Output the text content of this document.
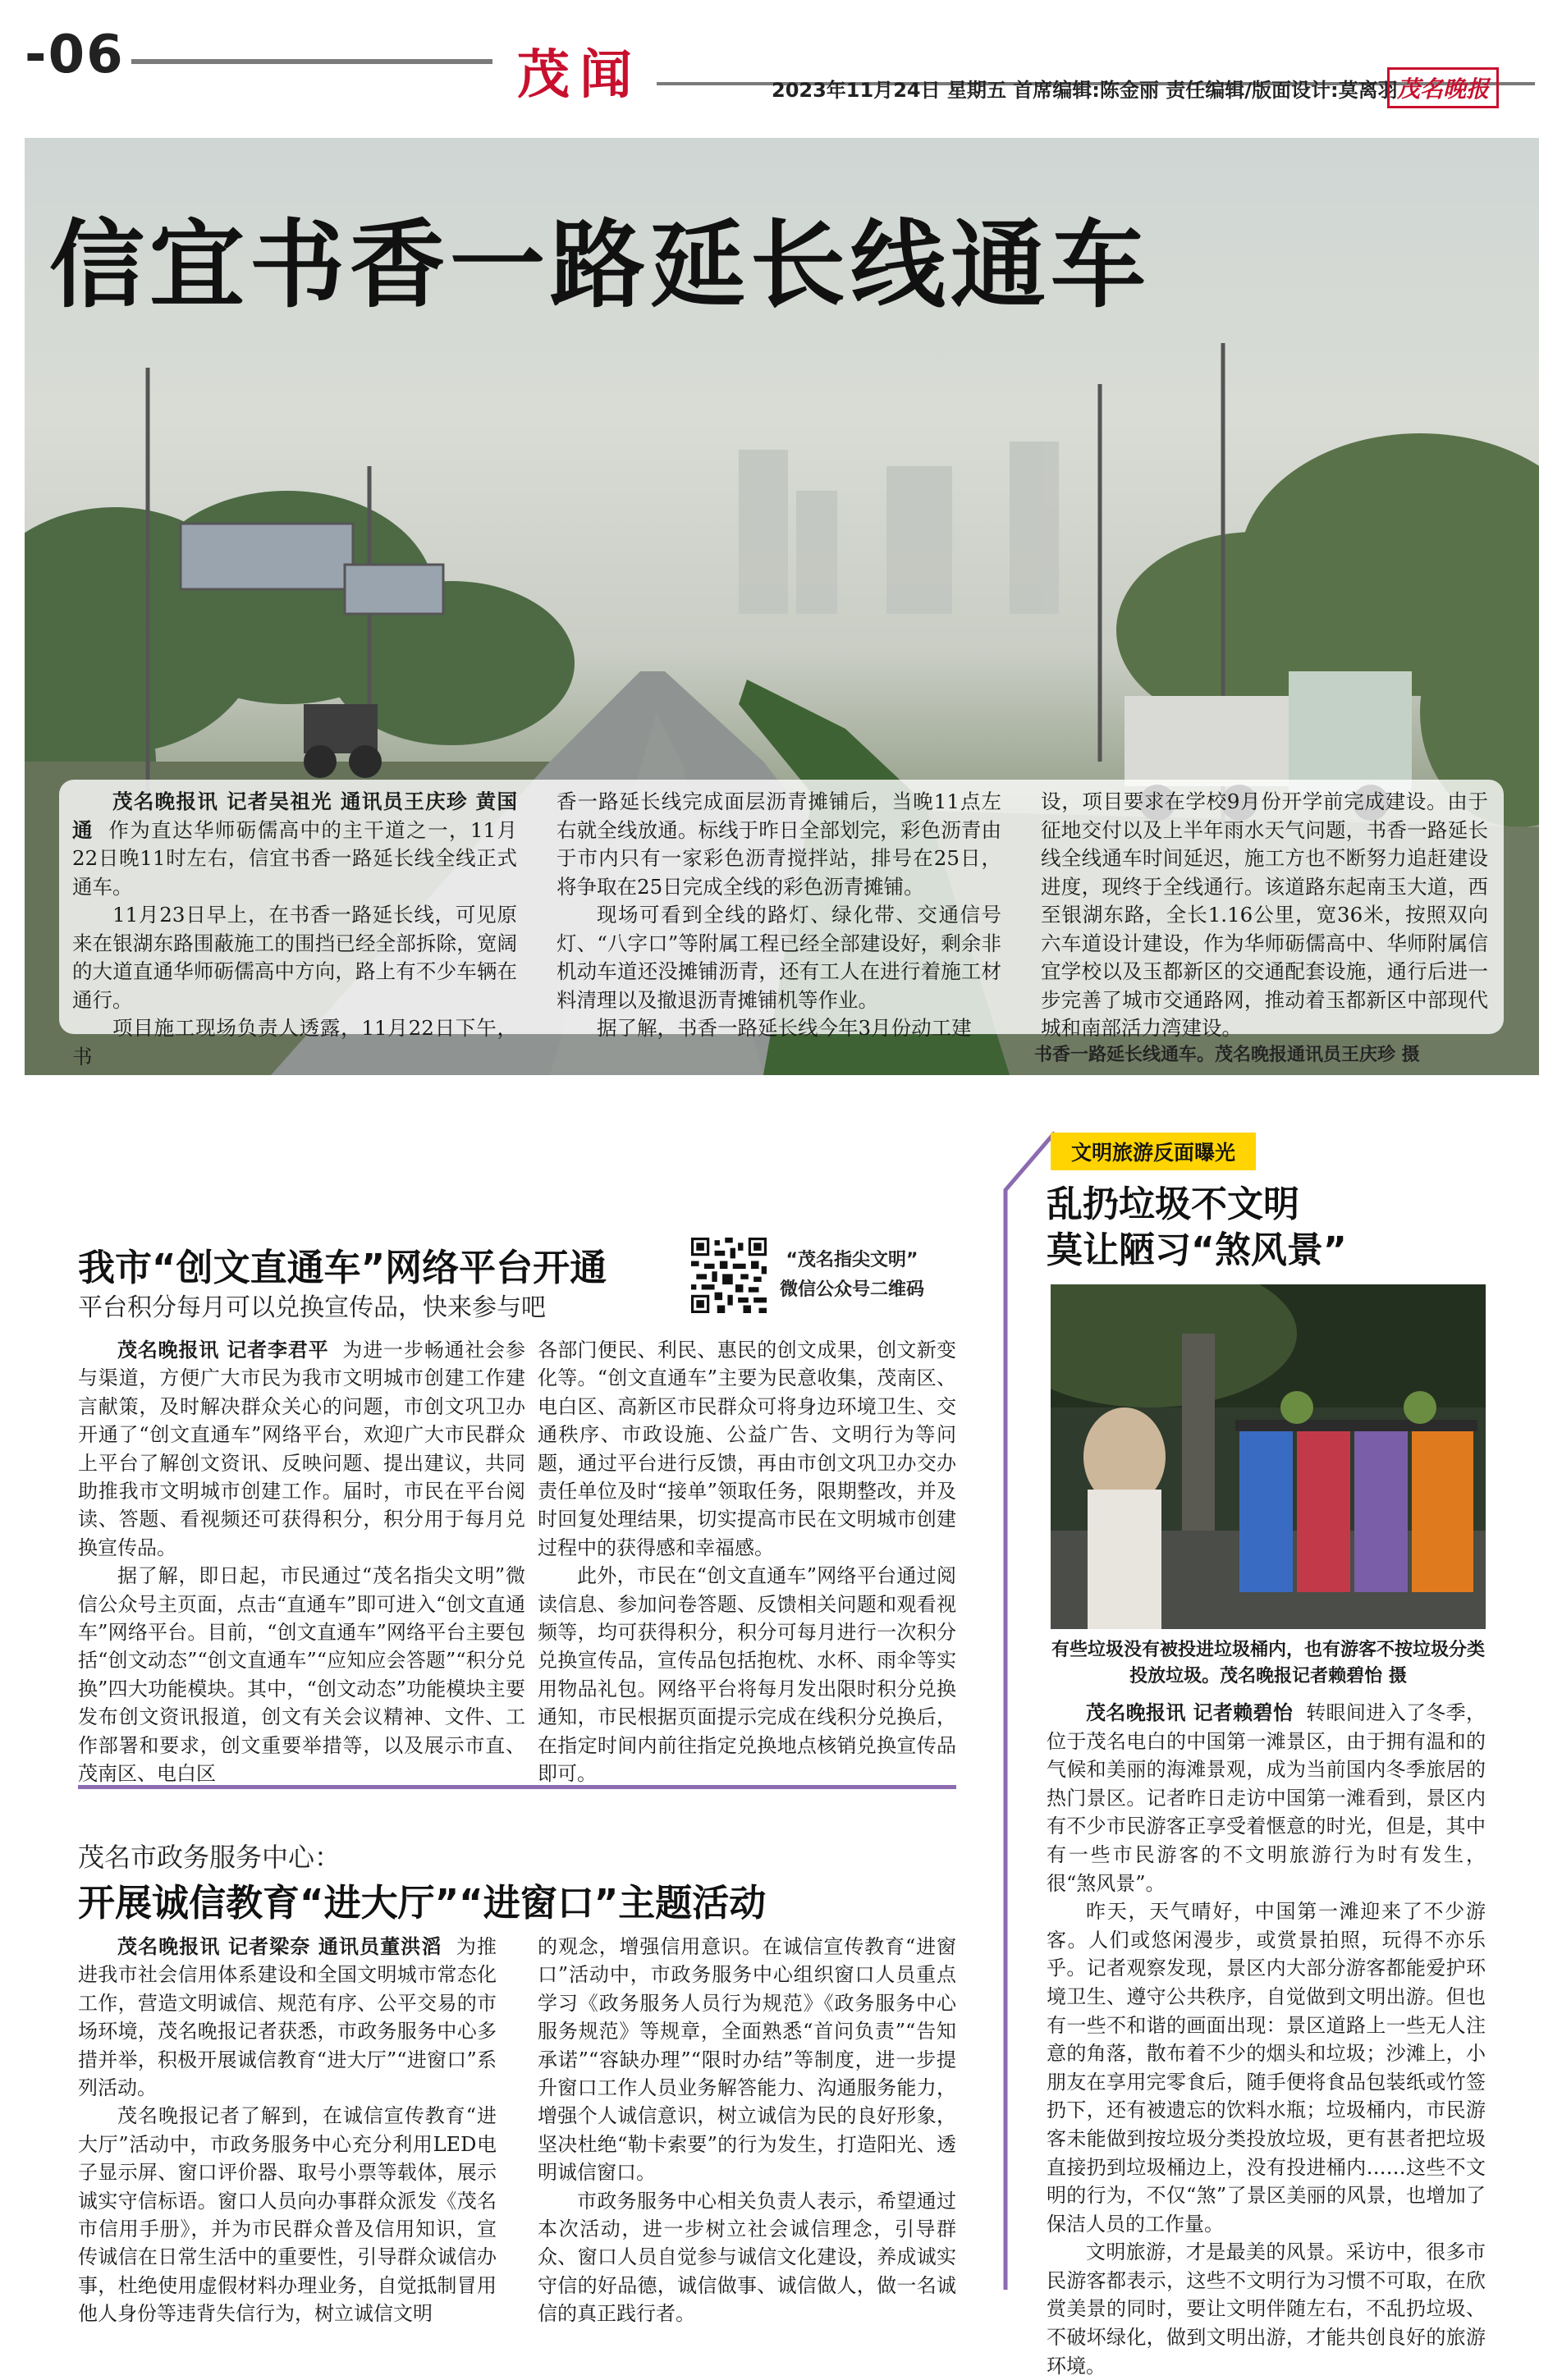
-06	茂闻	2023年11月24日 星期五 首席编辑:陈金丽 责任编辑/版面设计:莫离羽 茂名晚报
信宜书香一路延长线通车

茂名晚报讯 记者吴祖光 通讯员王庆珍 黄国通 作为直达华师砺儒高中的主干道之一，11月22日晚11时左右，信宜书香一路延长线全线正式通车。

11月23日早上，在书香一路延长线，可见原来在银湖东路围蔽施工的围挡已经全部拆除，宽阔的大道直通华师砺儒高中方向，路上有不少车辆在通行。

项目施工现场负责人透露，11月22日下午，书

香一路延长线完成面层沥青摊铺后，当晚11点左右就全线放通。标线于昨日全部划完，彩色沥青由于市内只有一家彩色沥青搅拌站，排号在25日，将争取在25日完成全线的彩色沥青摊铺。

现场可看到全线的路灯、绿化带、交通信号灯、“八字口”等附属工程已经全部建设好，剩余非机动车道还没摊铺沥青，还有工人在进行着施工材料清理以及撤退沥青摊铺机等作业。

据了解，书香一路延长线今年3月份动工建

设，项目要求在学校9月份开学前完成建设。由于征地交付以及上半年雨水天气问题，书香一路延长线全线通车时间延迟，施工方也不断努力追赶建设进度，现终于全线通行。该道路东起南玉大道，西至银湖东路，全长1.16公里，宽36米，按照双向六车道设计建设，作为华师砺儒高中、华师附属信宜学校以及玉都新区的交通配套设施，通行后进一步完善了城市交通路网，推动着玉都新区中部现代城和南部活力湾建设。

书香一路延长线通车。茂名晚报通讯员王庆珍 摄
我市“创文直通车”网络平台开通
平台积分每月可以兑换宣传品，快来参与吧
“茂名指尖文明”
微信公众号二维码

茂名晚报讯 记者李君平 为进一步畅通社会参与渠道，方便广大市民为我市文明城市创建工作建言献策，及时解决群众关心的问题，市创文巩卫办开通了“创文直通车”网络平台，欢迎广大市民群众上平台了解创文资讯、反映问题、提出建议，共同助推我市文明城市创建工作。届时，市民在平台阅读、答题、看视频还可获得积分，积分用于每月兑换宣传品。

据了解，即日起，市民通过“茂名指尖文明”微信公众号主页面，点击“直通车”即可进入“创文直通车”网络平台。目前，“创文直通车”网络平台主要包括“创文动态”“创文直通车”“应知应会答题”“积分兑换”四大功能模块。其中，“创文动态”功能模块主要发布创文资讯报道，创文有关会议精神、文件、工作部署和要求，创文重要举措等，以及展示市直、茂南区、电白区

各部门便民、利民、惠民的创文成果，创文新变化等。“创文直通车”主要为民意收集，茂南区、电白区、高新区市民群众可将身边环境卫生、交通秩序、市政设施、公益广告、文明行为等问题，通过平台进行反馈，再由市创文巩卫办交办责任单位及时“接单”领取任务，限期整改，并及时回复处理结果，切实提高市民在文明城市创建过程中的获得感和幸福感。

此外，市民在“创文直通车”网络平台通过阅读信息、参加问卷答题、反馈相关问题和观看视频等，均可获得积分，积分可每月进行一次积分兑换宣传品，宣传品包括抱枕、水杯、雨伞等实用物品礼包。网络平台将每月发出限时积分兑换通知，市民根据页面提示完成在线积分兑换后，在指定时间内前往指定兑换地点核销兑换宣传品即可。

茂名市政务服务中心：
开展诚信教育“进大厅”“进窗口”主题活动

茂名晚报讯 记者梁奈 通讯员董洪滔 为推进我市社会信用体系建设和全国文明城市常态化工作，营造文明诚信、规范有序、公平交易的市场环境，茂名晚报记者获悉，市政务服务中心多措并举，积极开展诚信教育“进大厅”“进窗口”系列活动。

茂名晚报记者了解到，在诚信宣传教育“进大厅”活动中，市政务服务中心充分利用LED电子显示屏、窗口评价器、取号小票等载体，展示诚实守信标语。窗口人员向办事群众派发《茂名市信用手册》，并为市民群众普及信用知识，宣传诚信在日常生活中的重要性，引导群众诚信办事，杜绝使用虚假材料办理业务，自觉抵制冒用他人身份等违背失信行为，树立诚信文明

的观念，增强信用意识。在诚信宣传教育“进窗口”活动中，市政务服务中心组织窗口人员重点学习《政务服务人员行为规范》《政务服务中心服务规范》等规章，全面熟悉“首问负责”“告知承诺”“容缺办理”“限时办结”等制度，进一步提升窗口工作人员业务解答能力、沟通服务能力，增强个人诚信意识，树立诚信为民的良好形象，坚决杜绝“勒卡索要”的行为发生，打造阳光、透明诚信窗口。

市政务服务中心相关负责人表示，希望通过本次活动，进一步树立社会诚信理念，引导群众、窗口人员自觉参与诚信文化建设，养成诚实守信的好品德，诚信做事、诚信做人，做一名诚信的真正践行者。

文明旅游反面曝光
乱扔垃圾不文明
莫让陋习“煞风景”
有些垃圾没有被投进垃圾桶内，也有游客不按垃圾分类投放垃圾。茂名晚报记者赖碧怡 摄

茂名晚报讯 记者赖碧怡 转眼间进入了冬季，位于茂名电白的中国第一滩景区，由于拥有温和的气候和美丽的海滩景观，成为当前国内冬季旅居的热门景区。记者昨日走访中国第一滩看到，景区内有不少市民游客正享受着惬意的时光，但是，其中有一些市民游客的不文明旅游行为时有发生，很“煞风景”。

昨天，天气晴好，中国第一滩迎来了不少游客。人们或悠闲漫步，或赏景拍照，玩得不亦乐乎。记者观察发现，景区内大部分游客都能爱护环境卫生、遵守公共秩序，自觉做到文明出游。但也有一些不和谐的画面出现：景区道路上一些无人注意的角落，散布着不少的烟头和垃圾；沙滩上，小朋友在享用完零食后，随手便将食品包装纸或竹签扔下，还有被遗忘的饮料水瓶；垃圾桶内，市民游客未能做到按垃圾分类投放垃圾，更有甚者把垃圾直接扔到垃圾桶边上，没有投进桶内……这些不文明的行为，不仅“煞”了景区美丽的风景，也增加了保洁人员的工作量。

文明旅游，才是最美的风景。采访中，很多市民游客都表示，这些不文明行为习惯不可取，在欣赏美景的同时，要让文明伴随左右，不乱扔垃圾、不破坏绿化，做到文明出游，才能共创良好的旅游环境。
